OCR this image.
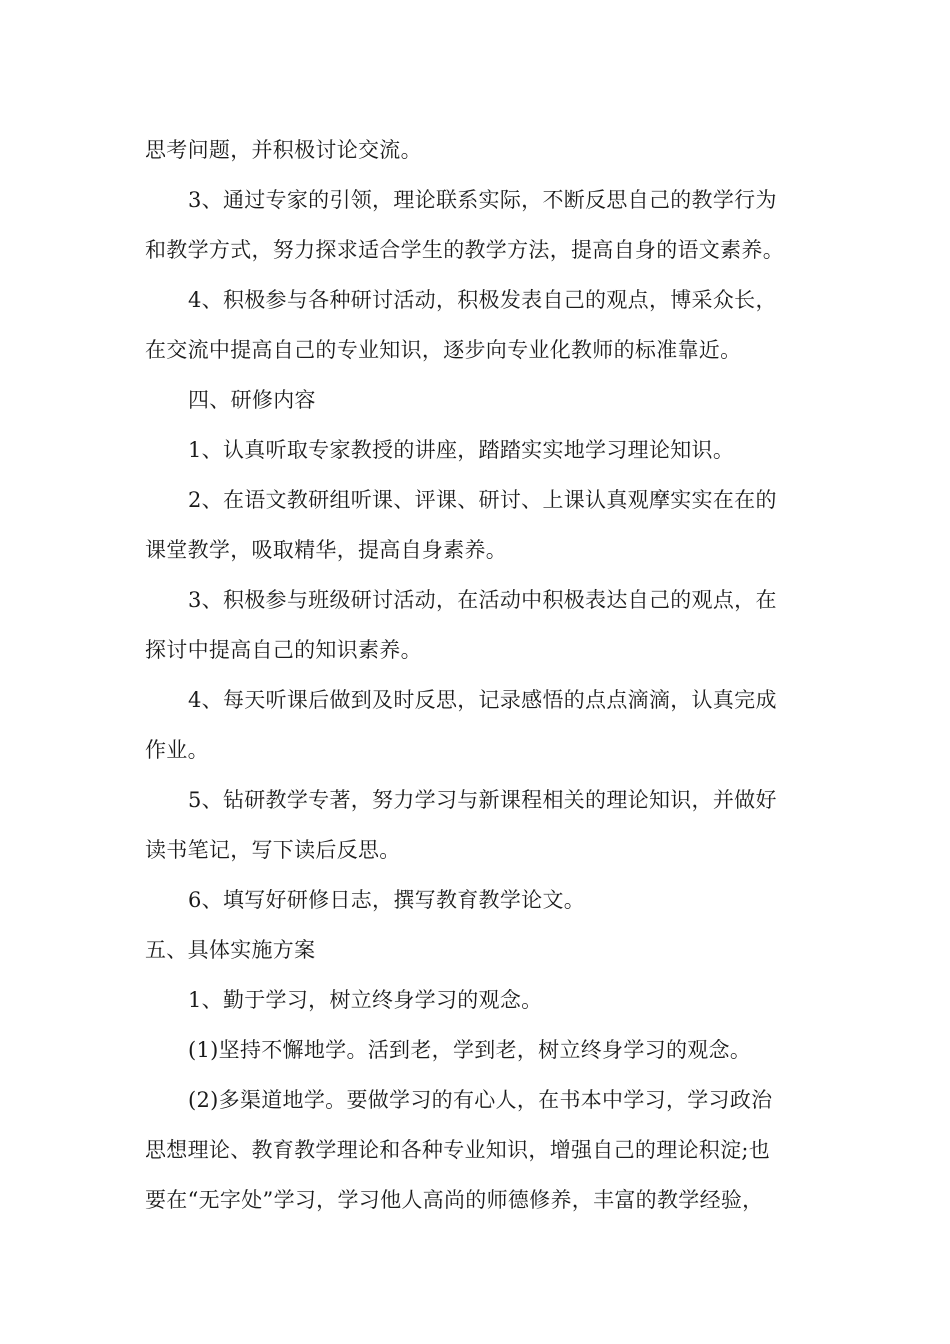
思考问题，并积极讨论交流。
3、通过专家的引领，理论联系实际，不断反思自己的教学行为
和教学方式，努力探求适合学生的教学方法，提高自身的语文素养。
4、积极参与各种研讨活动，积极发表自己的观点，博采众长，
在交流中提高自己的专业知识，逐步向专业化教师的标准靠近。
四、研修内容
1、认真听取专家教授的讲座，踏踏实实地学习理论知识。
2、在语文教研组听课、评课、研讨、上课认真观摩实实在在的
课堂教学，吸取精华，提高自身素养。
3、积极参与班级研讨活动，在活动中积极表达自己的观点，在
探讨中提高自己的知识素养。
4、每天听课后做到及时反思，记录感悟的点点滴滴，认真完成
作业。
5、钻研教学专著，努力学习与新课程相关的理论知识，并做好
读书笔记，写下读后反思。
6、填写好研修日志，撰写教育教学论文。
五、具体实施方案
1、勤于学习，树立终身学习的观念。
(1)坚持不懈地学。活到老，学到老，树立终身学习的观念。
(2)多渠道地学。要做学习的有心人，在书本中学习，学习政治
思想理论、教育教学理论和各种专业知识，增强自己的理论积淀;也
要在“无字处”学习，学习他人高尚的师德修养，丰富的教学经验，
